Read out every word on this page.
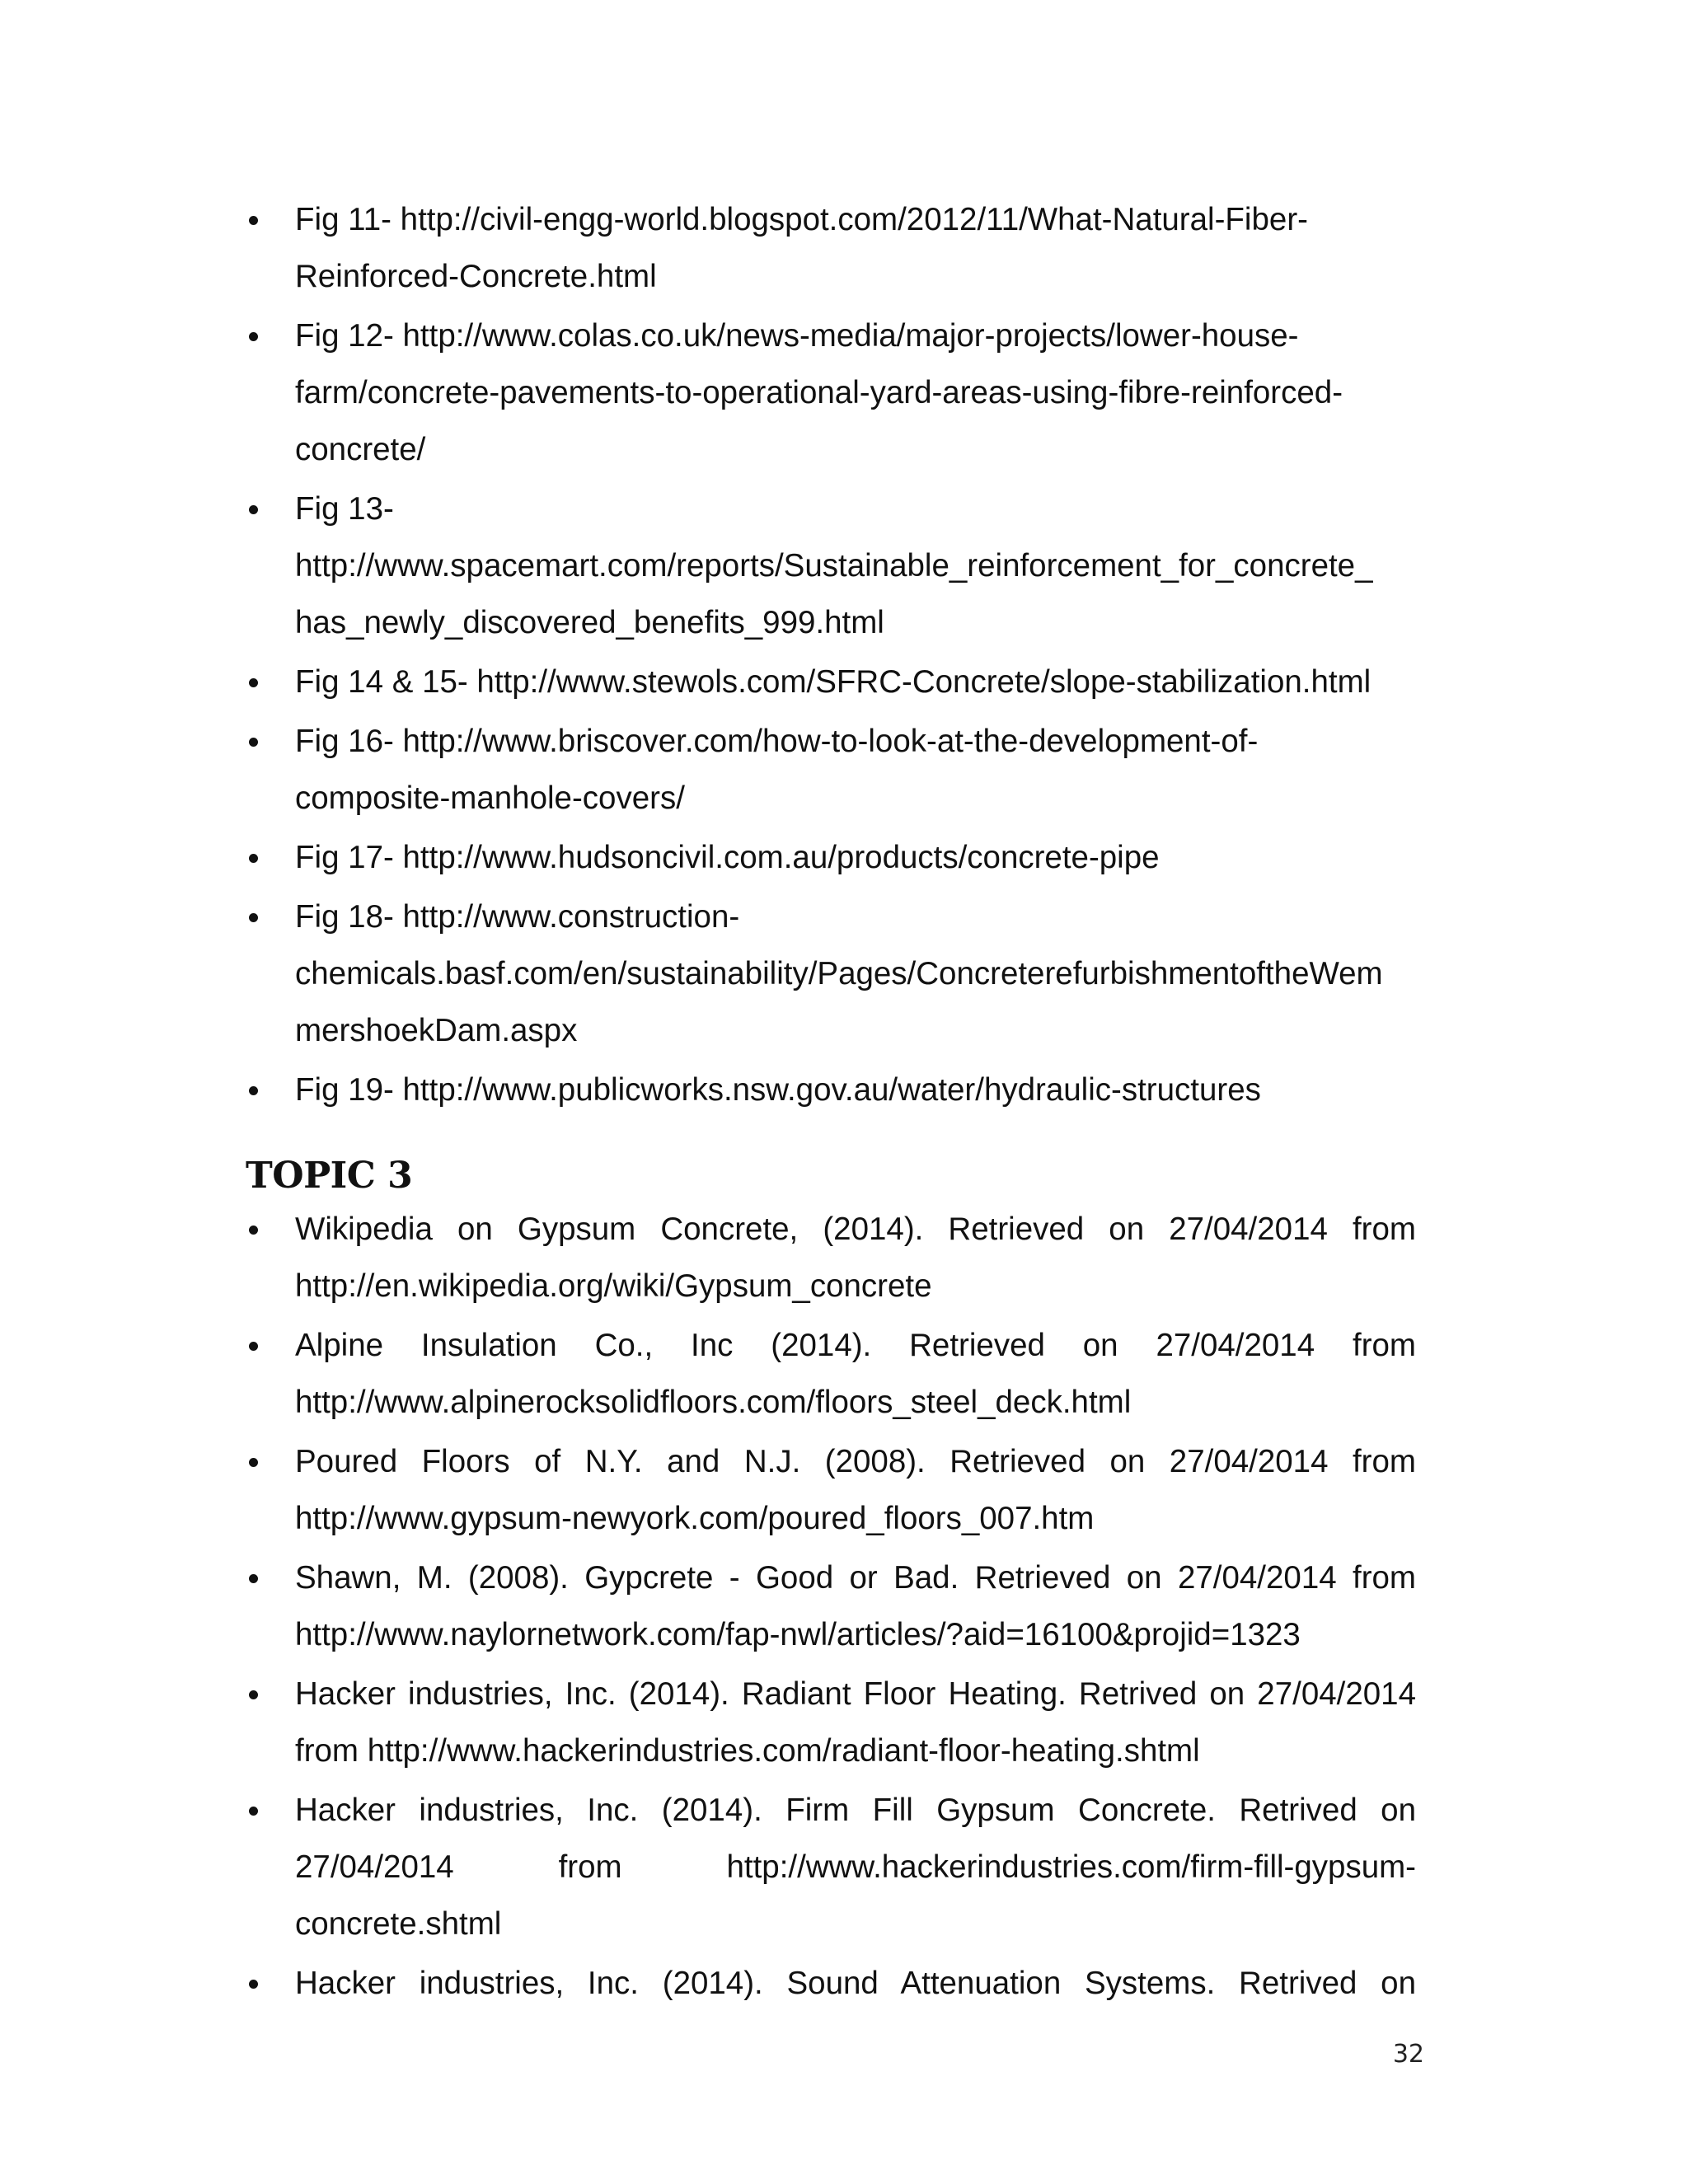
Fig 11- http://civil-engg-world.blogspot.com/2012/11/What-Natural-Fiber-
Reinforced-Concrete.html
Fig 12- http://www.colas.co.uk/news-media/major-projects/lower-house-
farm/concrete-pavements-to-operational-yard-areas-using-fibre-reinforced-
concrete/
Fig 13-
http://www.spacemart.com/reports/Sustainable_reinforcement_for_concrete_
has_newly_discovered_benefits_999.html
Fig 14 & 15- http://www.stewols.com/SFRC-Concrete/slope-stabilization.html
Fig 16- http://www.briscover.com/how-to-look-at-the-development-of-
composite-manhole-covers/
Fig 17- http://www.hudsoncivil.com.au/products/concrete-pipe
Fig 18- http://www.construction-
chemicals.basf.com/en/sustainability/Pages/ConcreterefurbishmentoftheWem
mershoekDam.aspx
Fig 19- http://www.publicworks.nsw.gov.au/water/hydraulic-structures
TOPIC 3
Wikipedia on Gypsum Concrete, (2014). Retrieved on 27/04/2014 from
http://en.wikipedia.org/wiki/Gypsum_concrete
Alpine Insulation Co., Inc (2014). Retrieved on 27/04/2014 from
http://www.alpinerocksolidfloors.com/floors_steel_deck.html
Poured Floors of N.Y. and N.J. (2008). Retrieved on 27/04/2014 from
http://www.gypsum-newyork.com/poured_floors_007.htm
Shawn, M. (2008). Gypcrete - Good or Bad. Retrieved on 27/04/2014 from
http://www.naylornetwork.com/fap-nwl/articles/?aid=16100&projid=1323
Hacker industries, Inc. (2014). Radiant Floor Heating. Retrived on 27/04/2014
from http://www.hackerindustries.com/radiant-floor-heating.shtml
Hacker industries, Inc. (2014). Firm Fill Gypsum Concrete. Retrived on
27/04/2014	from	http://www.hackerindustries.com/firm-fill-gypsum-
concrete.shtml
Hacker industries, Inc. (2014). Sound Attenuation Systems. Retrived on
32
